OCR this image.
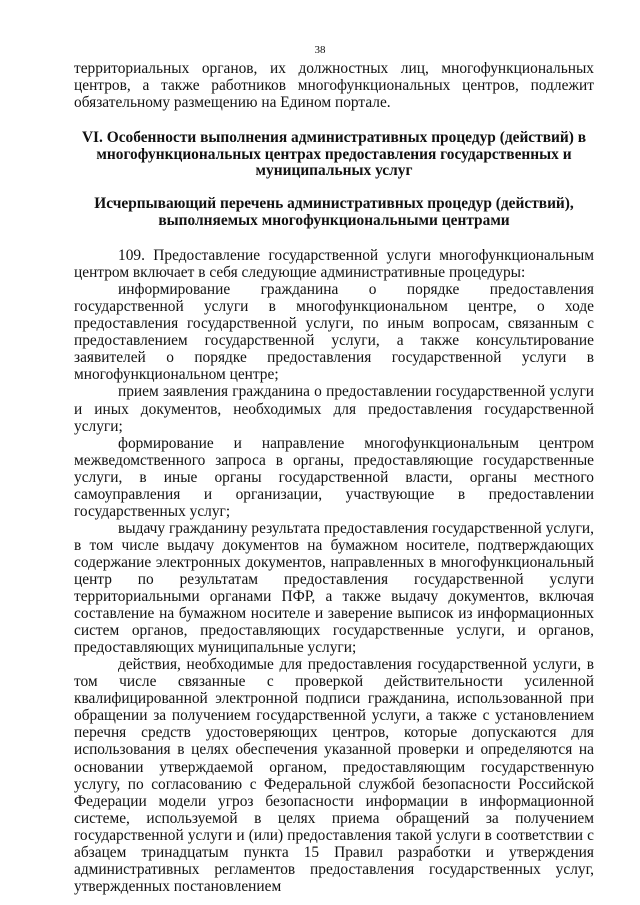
38

территориальных органов, их должностных лиц, многофункциональных центров, а также работников многофункциональных центров, подлежит обязательному размещению на Едином портале.

VI. Особенности выполнения административных процедур (действий) в многофункциональных центрах предоставления государственных и муниципальных услуг

Исчерпывающий перечень административных процедур (действий), выполняемых многофункциональными центрами

109. Предоставление государственной услуги многофункциональным центром включает в себя следующие административные процедуры:

информирование гражданина о порядке предоставления государственной услуги в многофункциональном центре, о ходе предоставления государственной услуги, по иным вопросам, связанным с предоставлением государственной услуги, а также консультирование заявителей о порядке предоставления государственной услуги в многофункциональном центре;

прием заявления гражданина о предоставлении государственной услуги и иных документов, необходимых для предоставления государственной услуги;

формирование и направление многофункциональным центром межведомственного запроса в органы, предоставляющие государственные услуги, в иные органы государственной власти, органы местного самоуправления и организации, участвующие в предоставлении государственных услуг;

выдачу гражданину результата предоставления государственной услуги, в том числе выдачу документов на бумажном носителе, подтверждающих содержание электронных документов, направленных в многофункциональный центр по результатам предоставления государственной услуги территориальными органами ПФР, а также выдачу документов, включая составление на бумажном носителе и заверение выписок из информационных систем органов, предоставляющих государственные услуги, и органов, предоставляющих муниципальные услуги;

действия, необходимые для предоставления государственной услуги, в том числе связанные с проверкой действительности усиленной квалифицированной электронной подписи гражданина, использованной при обращении за получением государственной услуги, а также с установлением перечня средств удостоверяющих центров, которые допускаются для использования в целях обеспечения указанной проверки и определяются на основании утверждаемой органом, предоставляющим государственную услугу, по согласованию с Федеральной службой безопасности Российской Федерации модели угроз безопасности информации в информационной системе, используемой в целях приема обращений за получением государственной услуги и (или) предоставления такой услуги в соответствии с абзацем тринадцатым пункта 15 Правил разработки и утверждения административных регламентов предоставления государственных услуг, утвержденных постановлением
